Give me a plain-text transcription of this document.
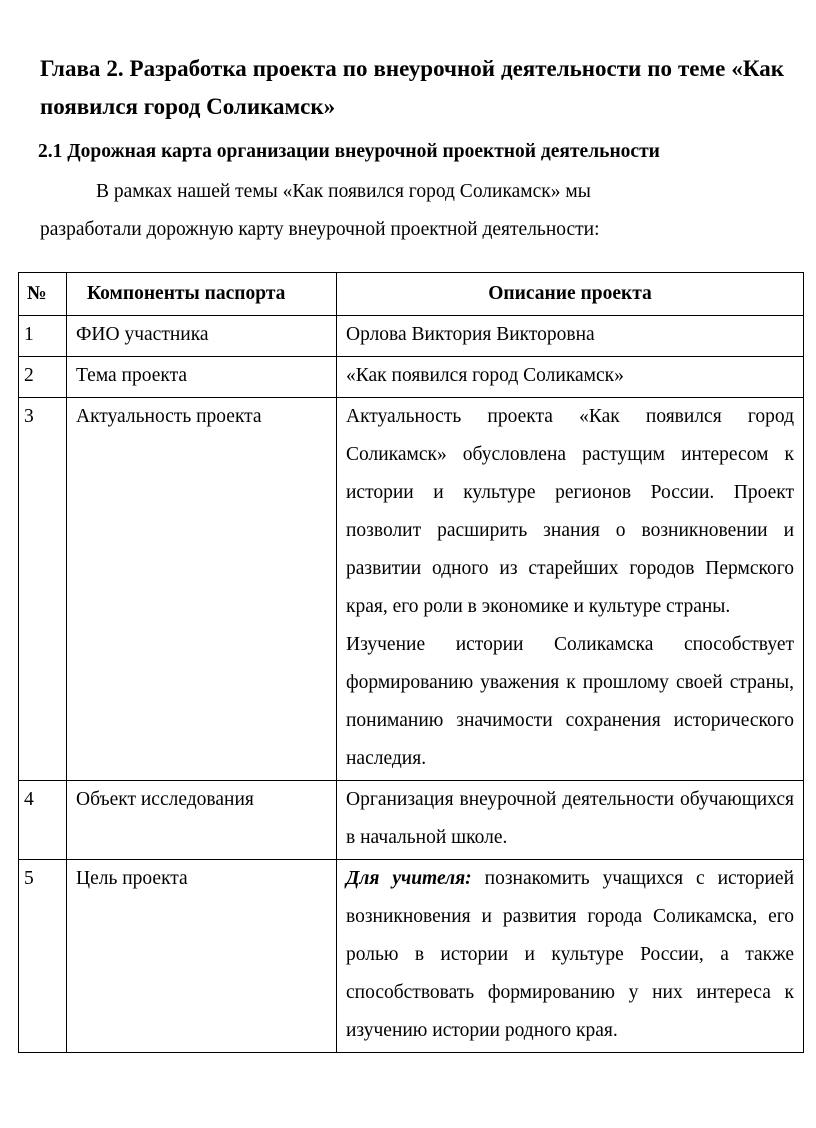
Глава 2. Разработка проекта по внеурочной деятельности по теме «Как появился город Соликамск»
2.1 Дорожная карта организации внеурочной проектной деятельности
В рамках нашей темы «Как появился город Соликамск» мы
разработали дорожную карту внеурочной проектной деятельности:
№	Компоненты паспорта	Описание проекта

1	ФИО участника	Орлова Виктория Викторовна

2	Тема проекта	«Как появился город Соликамск»

3	Актуальность проекта	Актуальность проекта «Как появился город Соликамск» обусловлена растущим интересом к истории и культуре регионов России. Проект позволит расширить знания о возникновении и развитии одного из старейших городов Пермского края, его роли в экономике и культуре страны.

Изучение истории Соликамска способствует формированию уважения к прошлому своей страны, пониманию значимости сохранения исторического наследия.

4	Объект исследования	Организация внеурочной деятельности обучающихся в начальной школе.

5	Цель проекта	Для учителя: познакомить учащихся с историей возникновения и развития города Соликамска, его ролью в истории и культуре России, а также способствовать формированию у них интереса к изучению истории родного края.
